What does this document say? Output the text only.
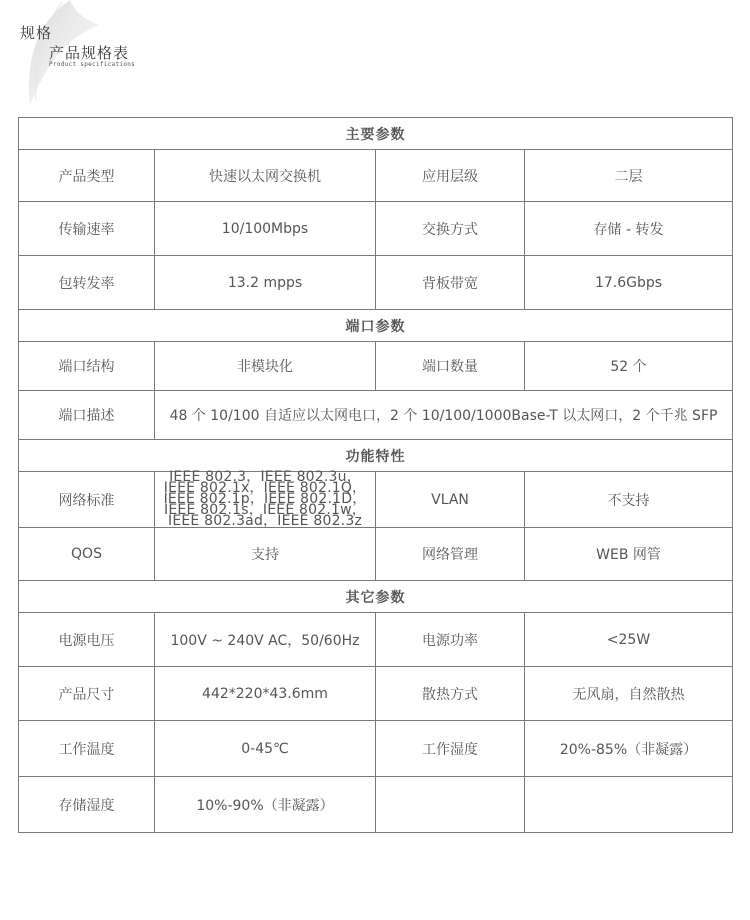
规格
产品规格表
Product specifications
主要参数			
产品类型	快速以太网交换机	应用层级	二层
传输速率	10/100Mbps	交换方式	存储 - 转发
包转发率	13.2 mpps	背板带宽	17.6Gbps
端口参数			
端口结构	非模块化	端口数量	52 个
端口描述	48 个 10/100 自适应以太网电口，2 个 10/100/1000Base-T 以太网口，2 个千兆 SFP		
功能特性			
网络标准	IEEE 802.3，IEEE 802.3u，IEEE 802.1x，IEEE 802.1Q，IEEE 802.1p，IEEE 802.1D，IEEE 802.1s，IEEE 802.1w，IEEE 802.3ad，IEEE 802.3z	VLAN	不支持
QOS	支持	网络管理	WEB 网管
其它参数			
电源电压	100V ~ 240V AC，50/60Hz	电源功率	<25W
产品尺寸	442*220*43.6mm	散热方式	无风扇，自然散热
工作温度	0-45℃	工作湿度	20%-85%（非凝露）
存储湿度	10%-90%（非凝露）		
